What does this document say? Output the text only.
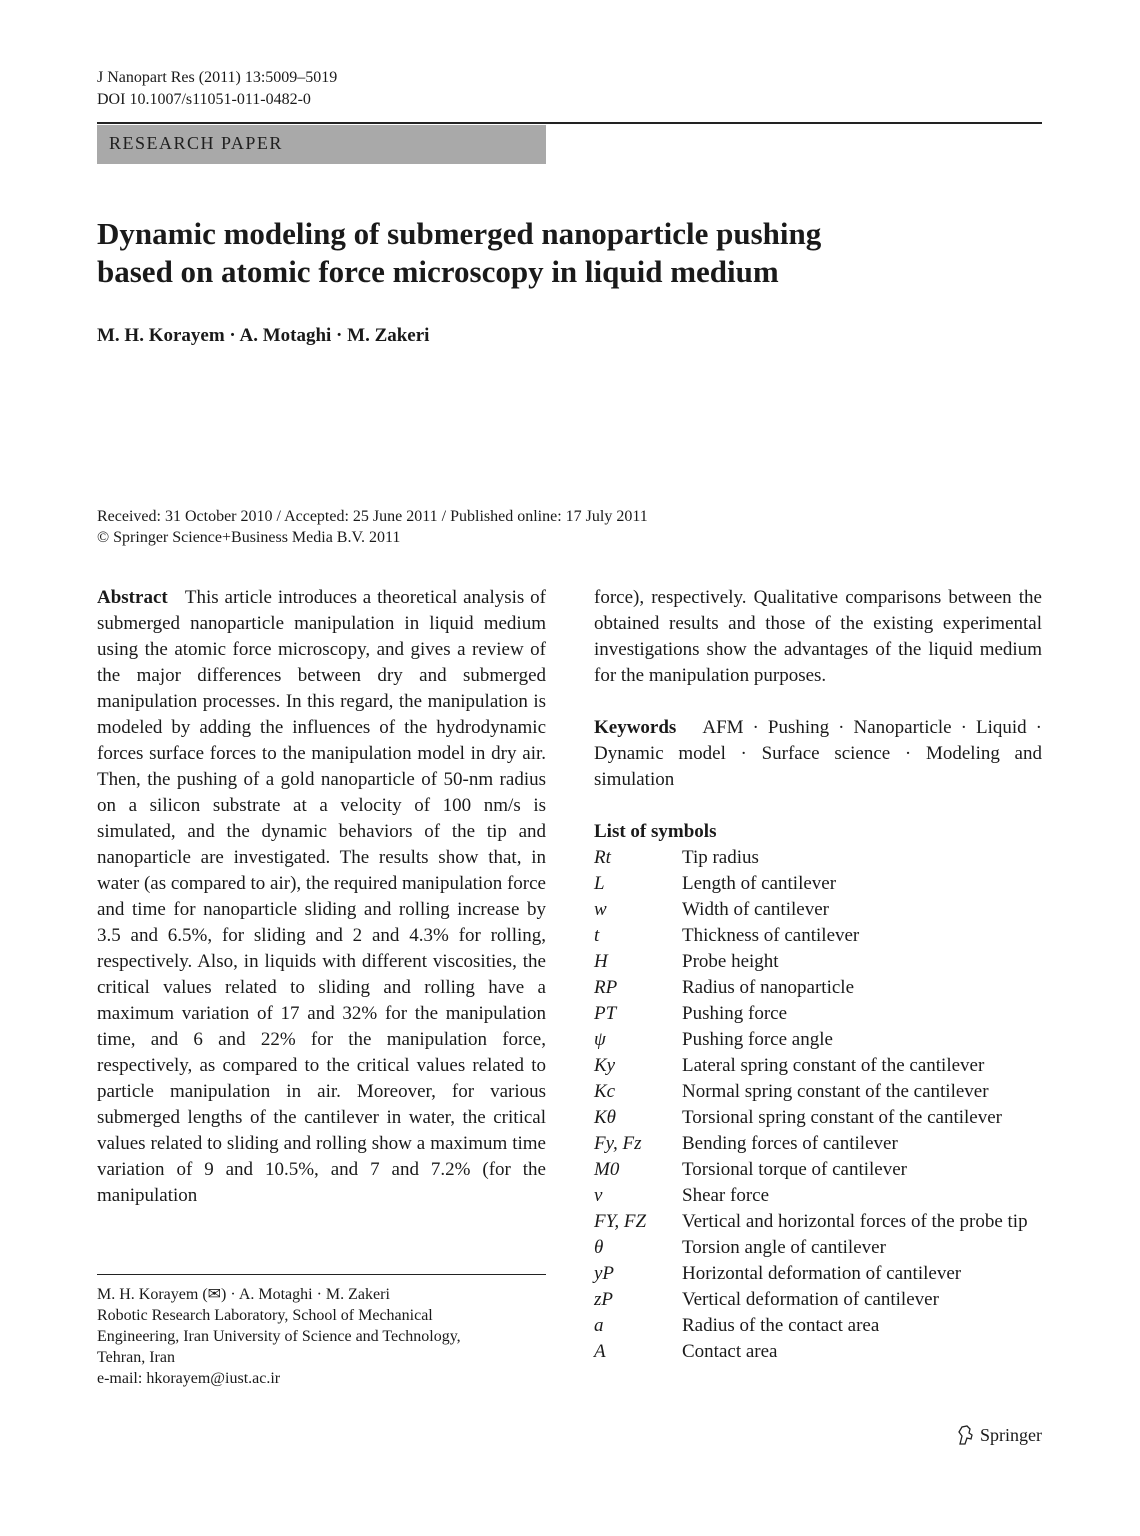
J Nanopart Res (2011) 13:5009–5019
DOI 10.1007/s11051-011-0482-0
RESEARCH PAPER
Dynamic modeling of submerged nanoparticle pushing
based on atomic force microscopy in liquid medium
M. H. Korayem · A. Motaghi · M. Zakeri
Received: 31 October 2010 / Accepted: 25 June 2011 / Published online: 17 July 2011
© Springer Science+Business Media B.V. 2011
Abstract This article introduces a theoretical analysis of submerged nanoparticle manipulation in liquid medium using the atomic force microscopy, and gives a review of the major differences between dry and submerged manipulation processes. In this regard, the manipulation is modeled by adding the influences of the hydrodynamic forces surface forces to the manipulation model in dry air. Then, the pushing of a gold nanoparticle of 50-nm radius on a silicon substrate at a velocity of 100 nm/s is simulated, and the dynamic behaviors of the tip and nanoparticle are investigated. The results show that, in water (as compared to air), the required manipulation force and time for nanoparticle sliding and rolling increase by 3.5 and 6.5%, for sliding and 2 and 4.3% for rolling, respectively. Also, in liquids with different viscosities, the critical values related to sliding and rolling have a maximum variation of 17 and 32% for the manipulation time, and 6 and 22% for the manipulation force, respectively, as compared to the critical values related to particle manipulation in air. Moreover, for various submerged lengths of the cantilever in water, the critical values related to sliding and rolling show a maximum time variation of 9 and 10.5%, and 7 and 7.2% (for the manipulation
force), respectively. Qualitative comparisons between the obtained results and those of the existing experimental investigations show the advantages of the liquid medium for the manipulation purposes.
Keywords AFM · Pushing · Nanoparticle · Liquid · Dynamic model · Surface science · Modeling and simulation
List of symbols
Rt	Tip radius
L	Length of cantilever
w	Width of cantilever
t	Thickness of cantilever
H	Probe height
RP	Radius of nanoparticle
PT	Pushing force
ψ	Pushing force angle
Ky	Lateral spring constant of the cantilever
Kc	Normal spring constant of the cantilever
Kθ	Torsional spring constant of the cantilever
Fy, Fz	Bending forces of cantilever
M0	Torsional torque of cantilever
v	Shear force
FY, FZ	Vertical and horizontal forces of the probe tip
θ	Torsion angle of cantilever
yP	Horizontal deformation of cantilever
zP	Vertical deformation of cantilever
a	Radius of the contact area
A	Contact area
M. H. Korayem (✉) · A. Motaghi · M. Zakeri
Robotic Research Laboratory, School of Mechanical
Engineering, Iran University of Science and Technology,
Tehran, Iran
e-mail: hkorayem@iust.ac.ir
Springer
